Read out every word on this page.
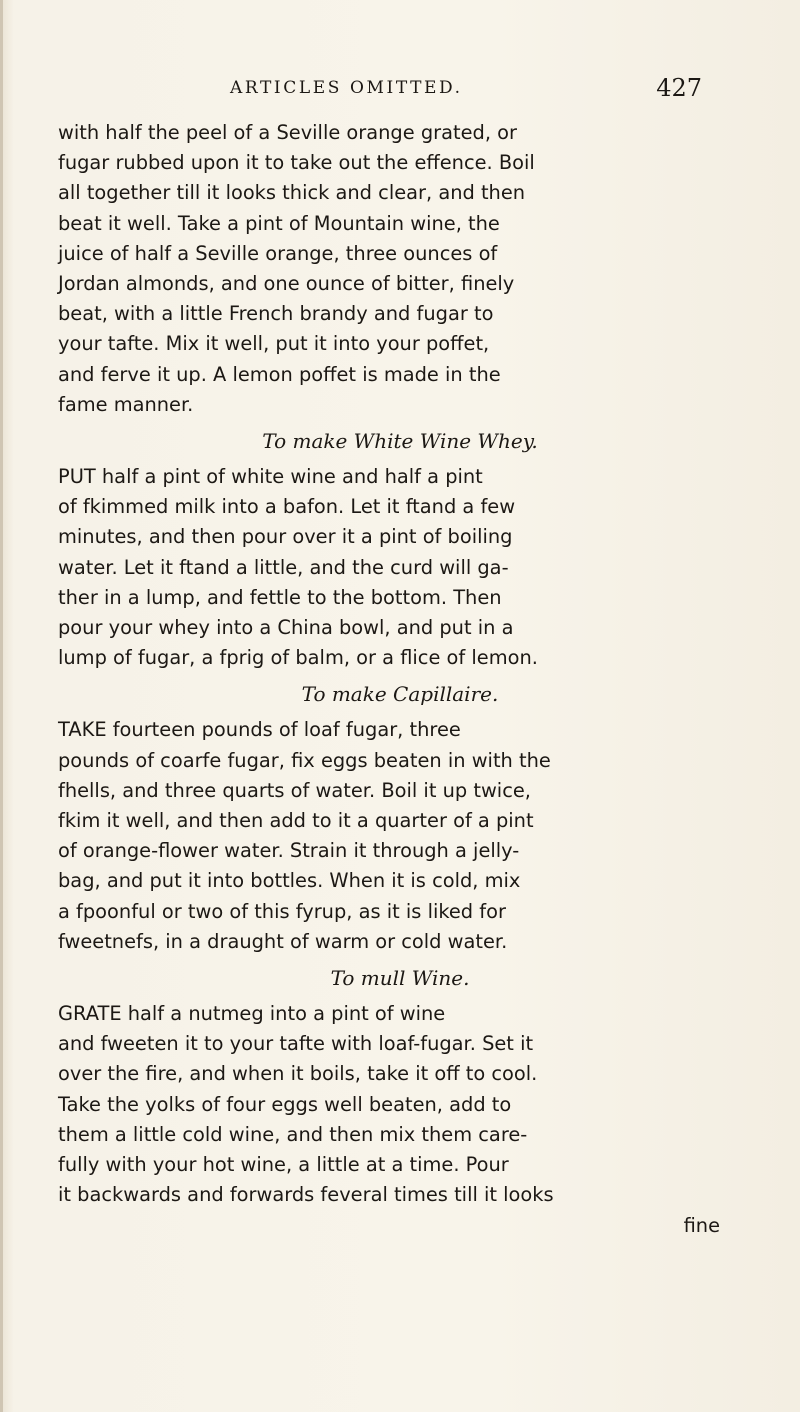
ARTICLES OMITTED.	427

with half the peel of a Seville orange grated, or
fugar rubbed upon it to take out the effence. Boil
all together till it looks thick and clear, and then
beat it well. Take a pint of Mountain wine, the
juice of half a Seville orange, three ounces of
Jordan almonds, and one ounce of bitter, finely
beat, with a little French brandy and fugar to
your tafte. Mix it well, put it into your poffet,
and ferve it up. A lemon poffet is made in the
fame manner.

To make White Wine Whey.

PUT half a pint of white wine and half a pint
of fkimmed milk into a bafon. Let it ftand a few
minutes, and then pour over it a pint of boiling
water. Let it ftand a little, and the curd will ga-
ther in a lump, and fettle to the bottom. Then
pour your whey into a China bowl, and put in a
lump of fugar, a fprig of balm, or a flice of lemon.

To make Capillaire.

TAKE fourteen pounds of loaf fugar, three
pounds of coarfe fugar, fix eggs beaten in with the
fhells, and three quarts of water. Boil it up twice,
fkim it well, and then add to it a quarter of a pint
of orange-flower water. Strain it through a jelly-
bag, and put it into bottles. When it is cold, mix
a fpoonful or two of this fyrup, as it is liked for
fweetnefs, in a draught of warm or cold water.

To mull Wine.

GRATE half a nutmeg into a pint of wine
and fweeten it to your tafte with loaf-fugar. Set it
over the fire, and when it boils, take it off to cool.
Take the yolks of four eggs well beaten, add to
them a little cold wine, and then mix them care-
fully with your hot wine, a little at a time. Pour
it backwards and forwards feveral times till it looks

fine
